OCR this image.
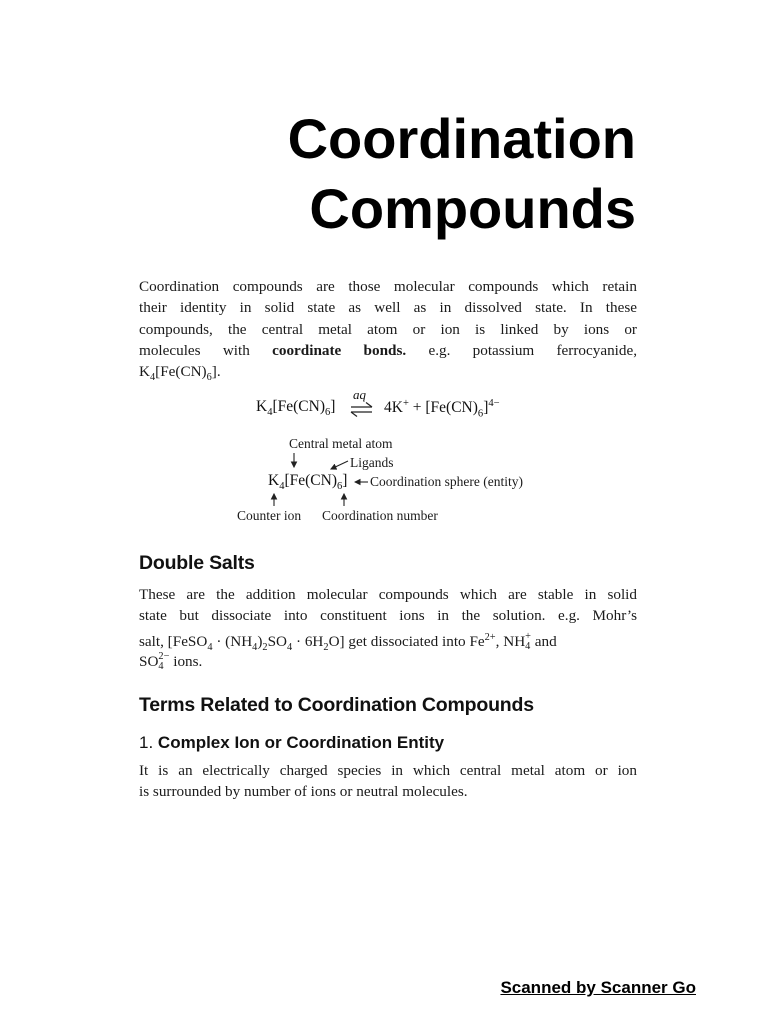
Coordination
Compounds
Coordination compounds are those molecular compounds which retain
their identity in solid state as well as in dissolved state. In these
compounds, the central metal atom or ion is linked by ions or
molecules with coordinate bonds. e.g. potassium ferrocyanide,
$K_4[Fe(CN)_6]$.
$K_4[Fe(CN)_6]$
aq
$4K^+ + [Fe(CN)_6]^{4-}$
Central metal atom
Ligands
$K_4[Fe(CN)_6]$ Coordination sphere (entity)
Counter ion Coordination number
Double Salts
These are the addition molecular compounds which are stable in solid
state but dissociate into constituent ions in the solution. e.g. Mohr’s
salt, [FeSO$_4$ · $(NH_4)_2SO_4 \cdot 6H_2O$] get dissociated into $Fe^{2+}$, NH +
4 and
SO 2−
4 ions.
Terms Related to Coordination Compounds
1. Complex Ion or Coordination Entity
It is an electrically charged species in which central metal atom or ion
is surrounded by number of ions or neutral molecules.
Scanned by Scanner Go
